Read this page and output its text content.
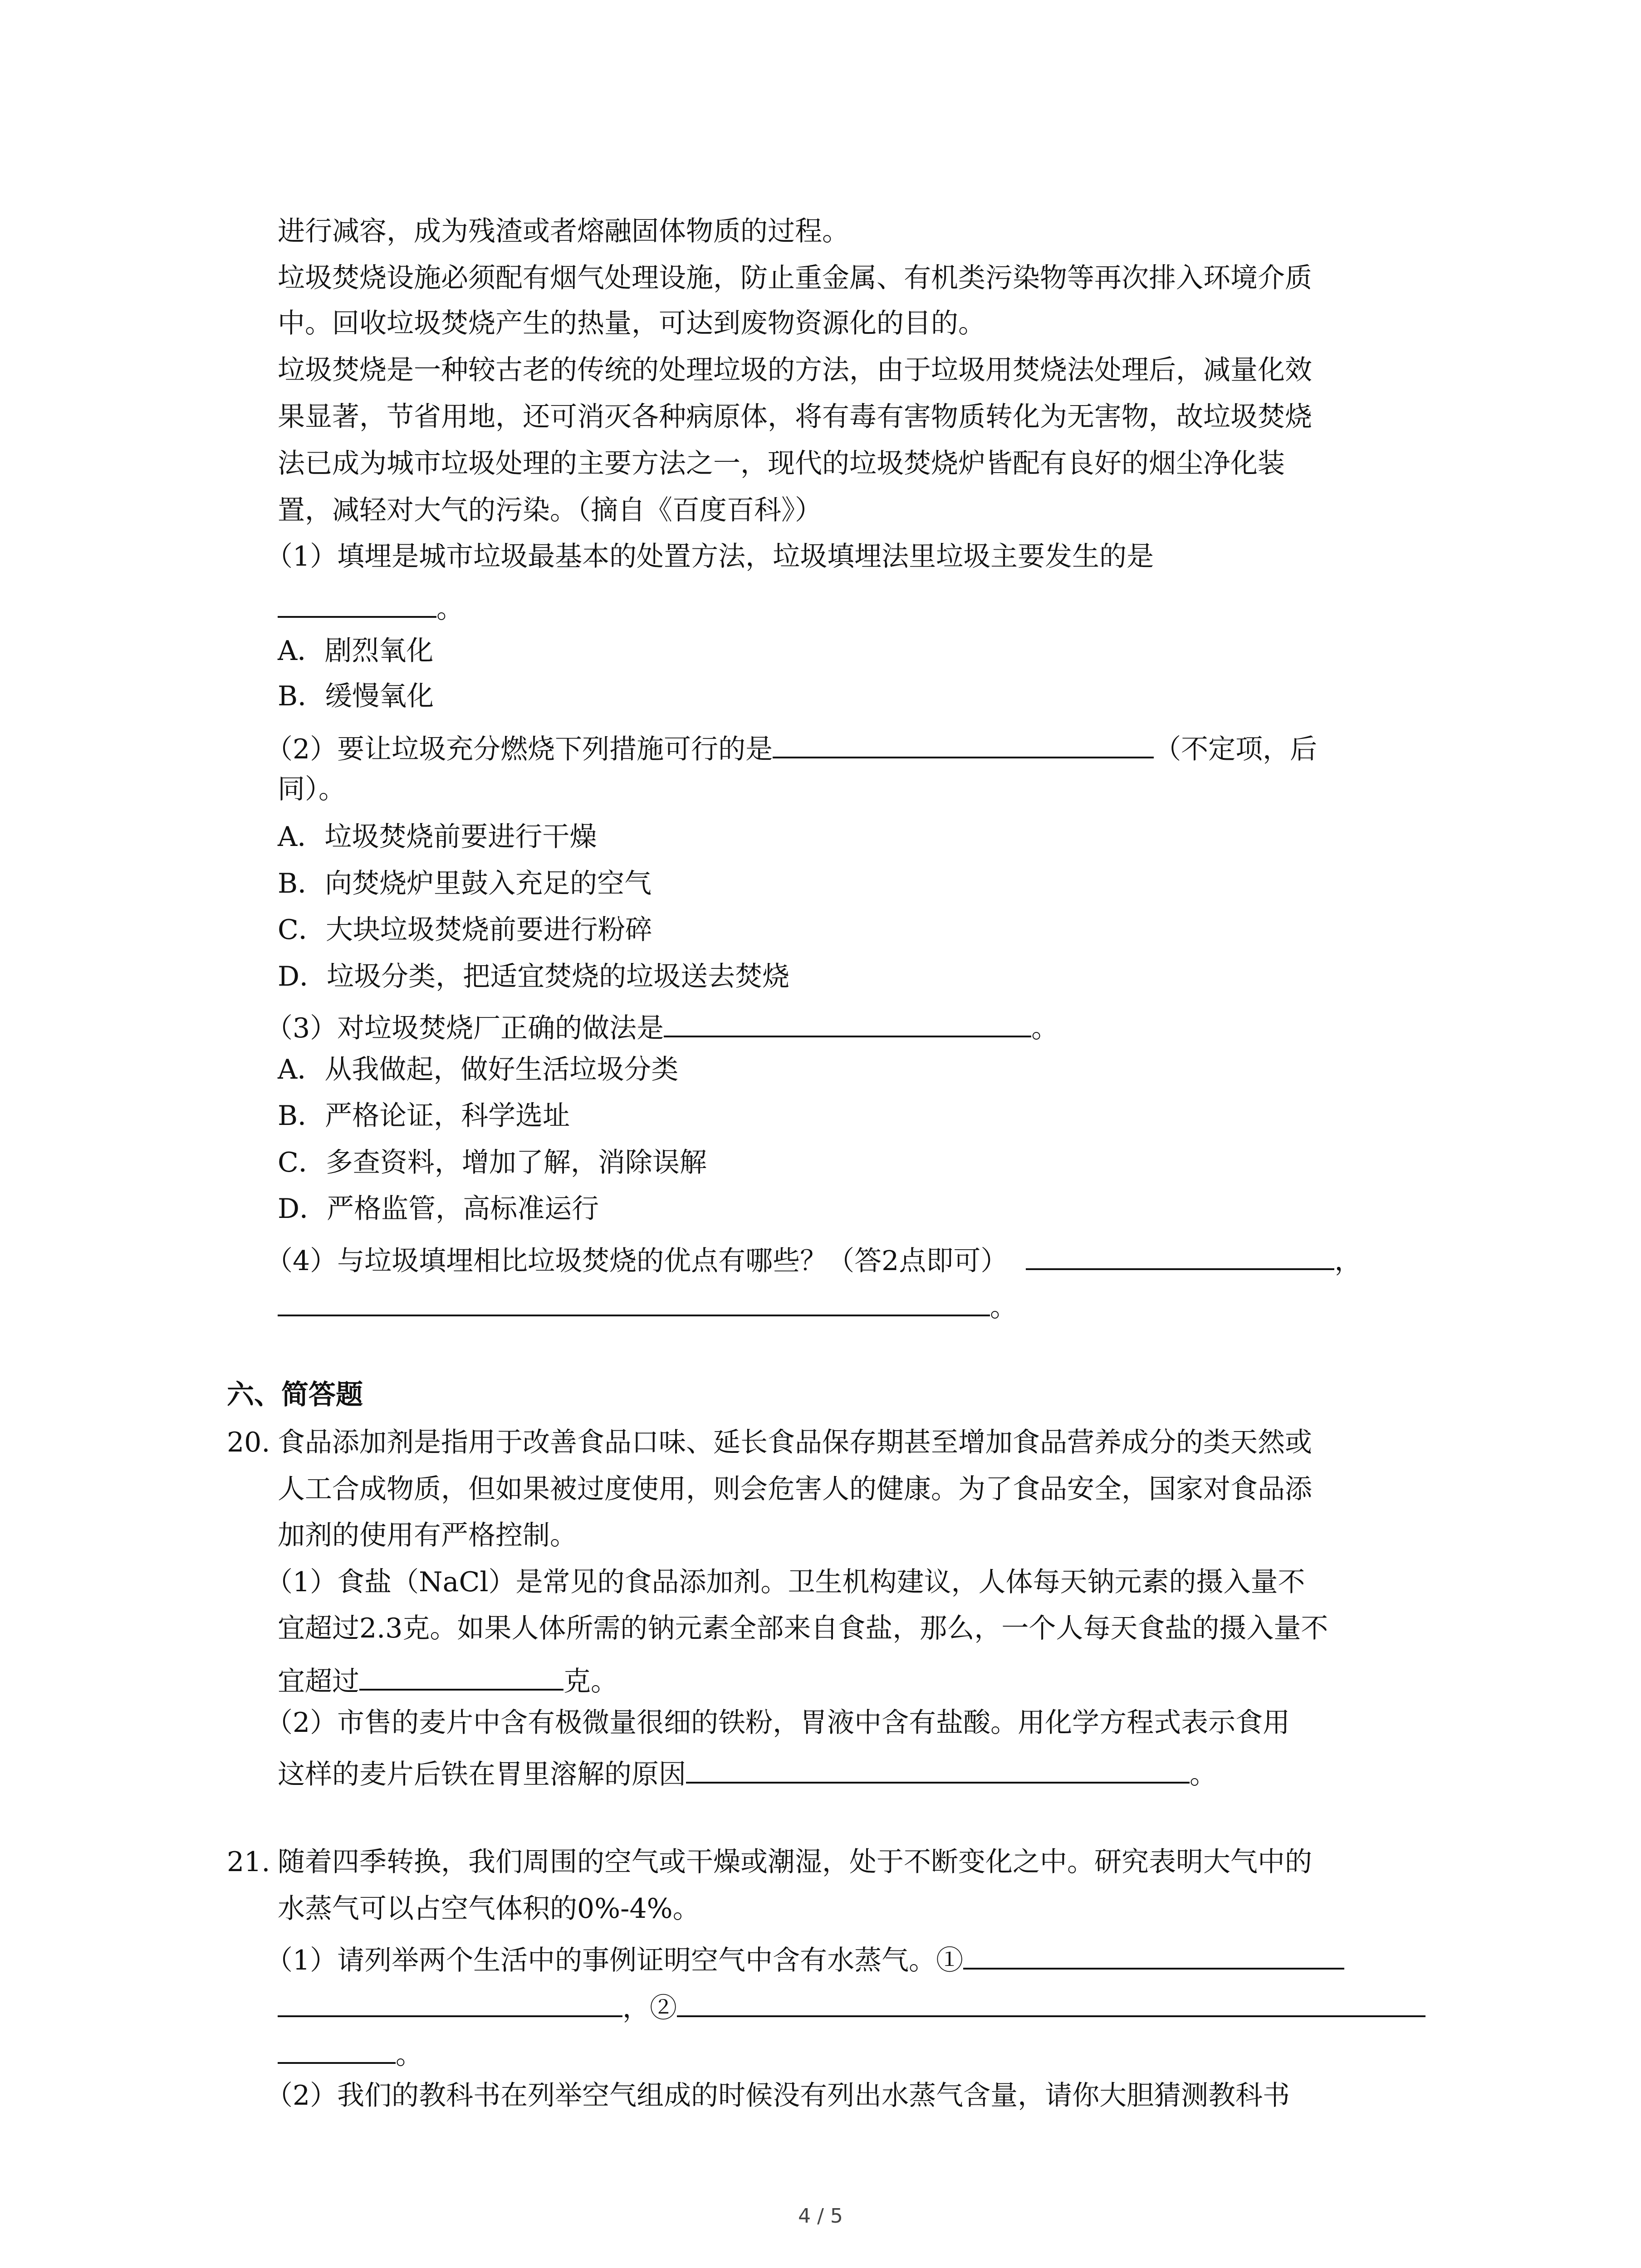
进行减容，成为残渣或者熔融固体物质的过程。
垃圾焚烧设施必须配有烟气处理设施，防止重金属、有机类污染物等再次排入环境介质
中。回收垃圾焚烧产生的热量，可达到废物资源化的目的。
垃圾焚烧是一种较古老的传统的处理垃圾的方法，由于垃圾用焚烧法处理后，减量化效
果显著，节省用地，还可消灭各种病原体，将有毒有害物质转化为无害物，故垃圾焚烧
法已成为城市垃圾处理的主要方法之一，现代的垃圾焚烧炉皆配有良好的烟尘净化装
置，减轻对大气的污染。（摘自《百度百科》）
（1）填埋是城市垃圾最基本的处置方法，垃圾填埋法里垃圾主要发生的是
。
A．剧烈氧化
B．缓慢氧化
（2）要让垃圾充分燃烧下列措施可行的是	（不定项，后
同）。
A．垃圾焚烧前要进行干燥
B．向焚烧炉里鼓入充足的空气
C．大块垃圾焚烧前要进行粉碎
D．垃圾分类，把适宜焚烧的垃圾送去焚烧
（3）对垃圾焚烧厂正确的做法是	。
A．从我做起，做好生活垃圾分类
B．严格论证，科学选址
C．多查资料，增加了解，消除误解
D．严格监管，高标准运行
（4）与垃圾填埋相比垃圾焚烧的优点有哪些？（答2点即可）	，
。
六、简答题
20. 食品添加剂是指用于改善食品口味、延长食品保存期甚至增加食品营养成分的类天然或
人工合成物质，但如果被过度使用，则会危害人的健康。为了食品安全，国家对食品添
加剂的使用有严格控制。
（1）食盐（NaCl）是常见的食品添加剂。卫生机构建议，人体每天钠元素的摄入量不
宜超过2.3克。如果人体所需的钠元素全部来自食盐，那么，一个人每天食盐的摄入量不
宜超过	克。
（2）市售的麦片中含有极微量很细的铁粉，胃液中含有盐酸。用化学方程式表示食用
这样的麦片后铁在胃里溶解的原因	。
21. 随着四季转换，我们周围的空气或干燥或潮湿，处于不断变化之中。研究表明大气中的
水蒸气可以占空气体积的0%-4%。
（1）请列举两个生活中的事例证明空气中含有水蒸气。①
，②
。
（2）我们的教科书在列举空气组成的时候没有列出水蒸气含量，请你大胆猜测教科书
4 / 5
